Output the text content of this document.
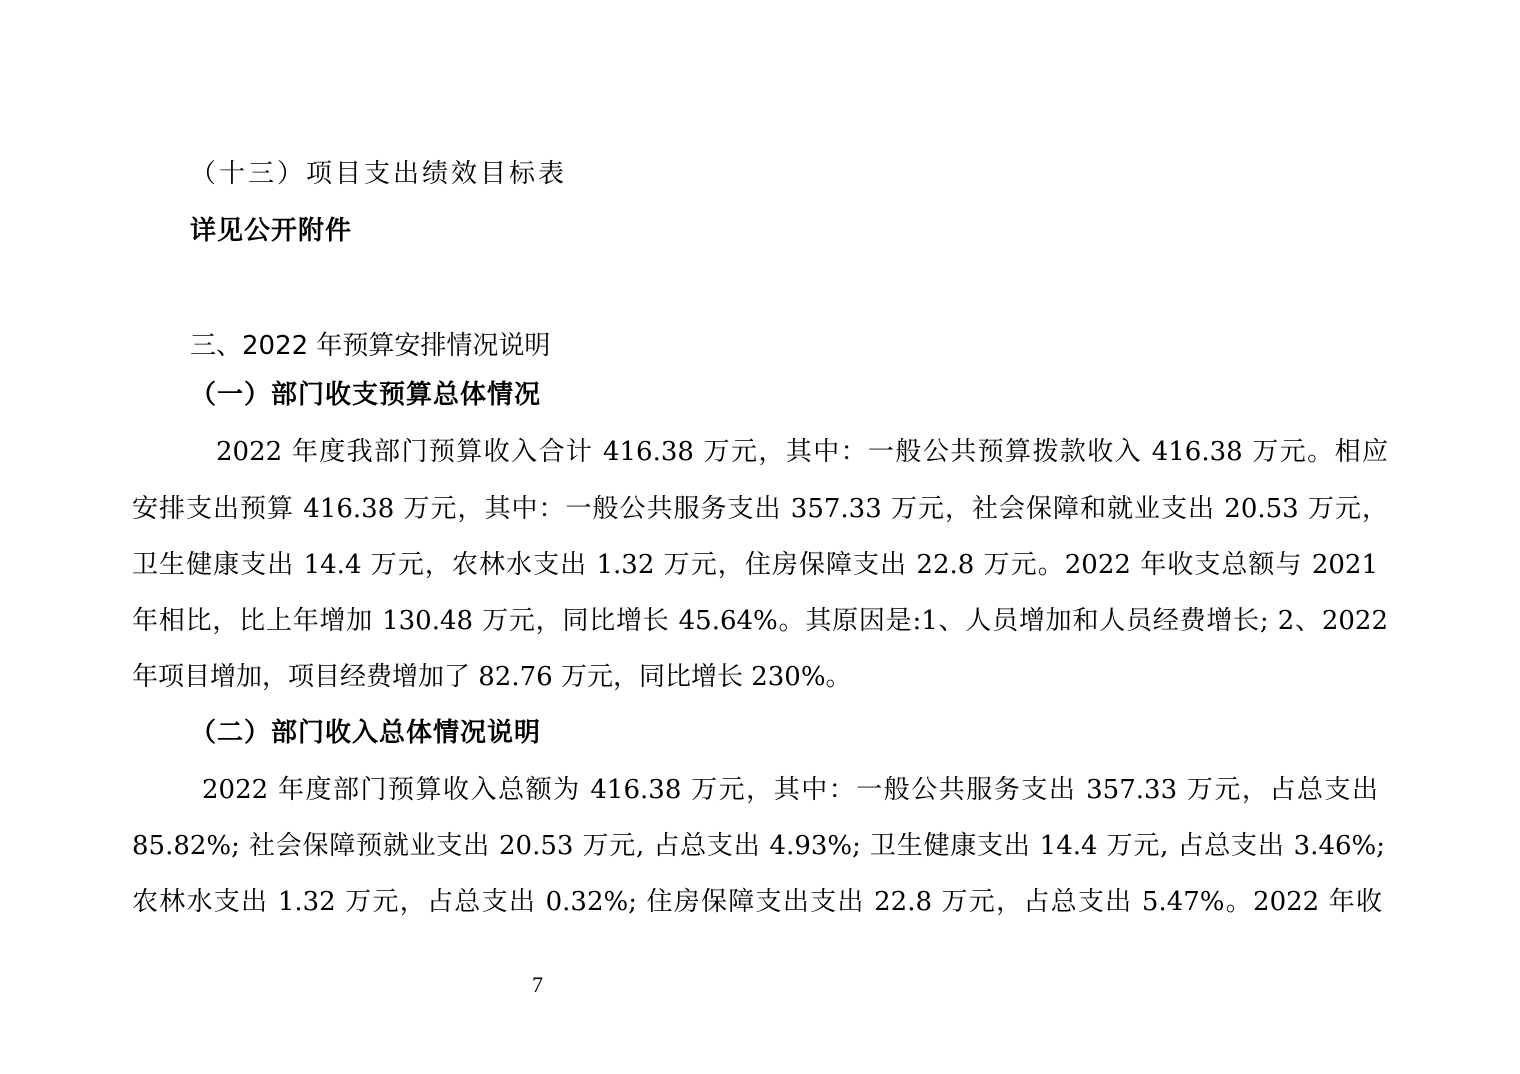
（十三）项目支出绩效目标表
详见公开附件
三、2022 年预算安排情况说明
（一）部门收支预算总体情况
2022 年度我部门预算收入合计 416.38 万元，其中：一般公共预算拨款收入 416.38 万元。相应
安排支出预算 416.38 万元，其中：一般公共服务支出 357.33 万元，社会保障和就业支出 20.53 万元，
卫生健康支出 14.4 万元，农林水支出 1.32 万元，住房保障支出 22.8 万元。2022 年收支总额与 2021
年相比，比上年增加 130.48 万元，同比增长 45.64%。其原因是:1、人员增加和人员经费增长; 2、2022
年项目增加，项目经费增加了 82.76 万元，同比增长 230%。
（二）部门收入总体情况说明
2022 年度部门预算收入总额为 416.38 万元，其中：一般公共服务支出 357.33 万元，占总支出
85.82%; 社会保障预就业支出 20.53 万元, 占总支出 4.93%; 卫生健康支出 14.4 万元, 占总支出 3.46%;
农林水支出 1.32 万元，占总支出 0.32%; 住房保障支出支出 22.8 万元，占总支出 5.47%。2022 年收
7
